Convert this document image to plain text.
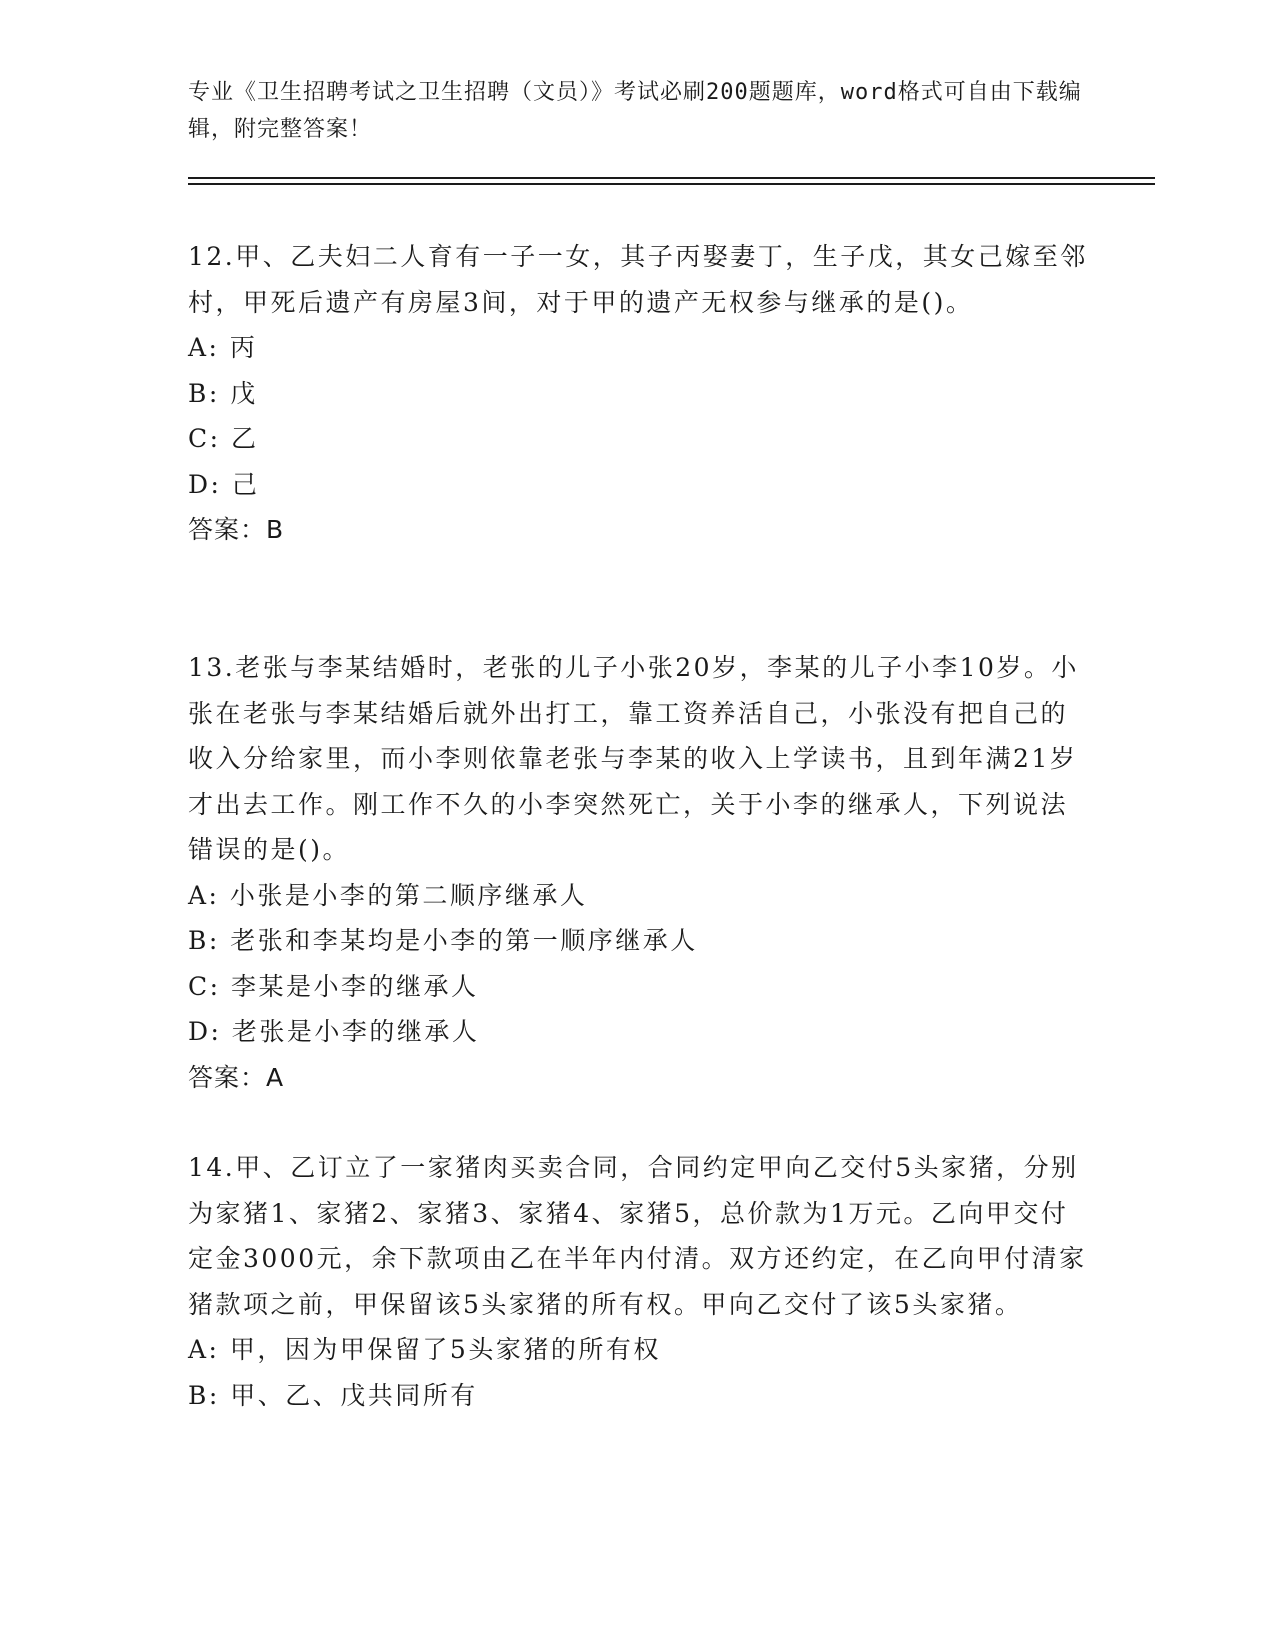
专业《卫生招聘考试之卫生招聘（文员）》考试必刷200题题库，word格式可自由下载编辑，附完整答案！

12.甲、乙夫妇二人育有一子一女，其子丙娶妻丁，生子戊，其女己嫁至邻村，甲死后遗产有房屋3间，对于甲的遗产无权参与继承的是()。

A: 丙

B: 戊

C: 乙

D: 己

答案：B

13.老张与李某结婚时，老张的儿子小张20岁，李某的儿子小李10岁。小张在老张与李某结婚后就外出打工，靠工资养活自己，小张没有把自己的收入分给家里，而小李则依靠老张与李某的收入上学读书，且到年满21岁才出去工作。刚工作不久的小李突然死亡，关于小李的继承人，下列说法错误的是()。

A: 小张是小李的第二顺序继承人

B: 老张和李某均是小李的第一顺序继承人

C: 李某是小李的继承人

D: 老张是小李的继承人

答案：A

14.甲、乙订立了一家猪肉买卖合同，合同约定甲向乙交付5头家猪，分别为家猪1、家猪2、家猪3、家猪4、家猪5，总价款为1万元。乙向甲交付定金3000元，余下款项由乙在半年内付清。双方还约定，在乙向甲付清家猪款项之前，甲保留该5头家猪的所有权。甲向乙交付了该5头家猪。

A: 甲，因为甲保留了5头家猪的所有权

B: 甲、乙、戊共同所有
